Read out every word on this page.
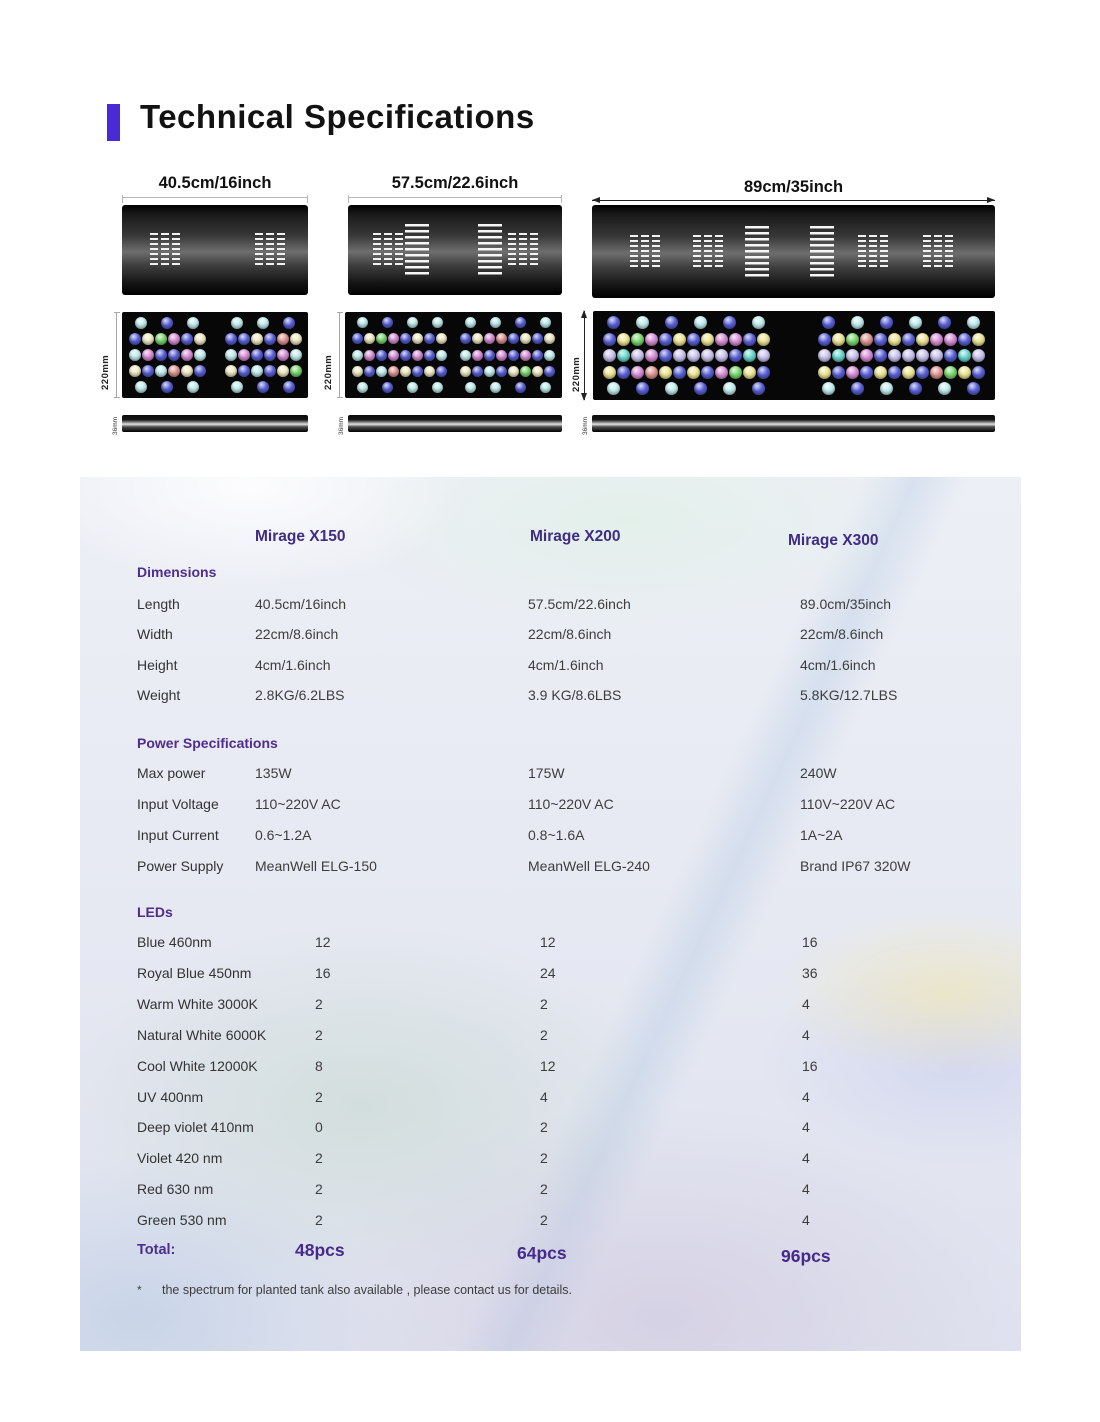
Technical Specifications
40.5cm/16inch
220mm
36mm
57.5cm/22.6inch
220mm
36mm
89cm/35inch
220mm
36mm
Mirage X150	Mirage X200	Mirage X300
Dimensions
Length	40.5cm/16inch	57.5cm/22.6inch	89.0cm/35inch
Width	22cm/8.6inch	22cm/8.6inch	22cm/8.6inch
Height	4cm/1.6inch	4cm/1.6inch	4cm/1.6inch
Weight	2.8KG/6.2LBS	3.9 KG/8.6LBS	5.8KG/12.7LBS
Power Specifications
Max power	135W	175W	240W
Input Voltage	110~220V AC	110~220V AC	110V~220V AC
Input Current	0.6~1.2A	0.8~1.6A	1A~2A
Power Supply MeanWell ELG-150	MeanWell ELG-240	Brand IP67 320W
LEDs
Blue 460nm	12	12	16
Royal Blue 450nm	16	24	36
Warm White 3000K	2	2	4
Natural White 6000K	2	2	4
Cool White 12000K	8	12	16
UV 400nm	2	4	4
Deep violet 410nm	0	2	4
Violet 420 nm	2	2	4
Red 630 nm	2	2	4
Green 530 nm	2	2	4
Total:	48pcs	64pcs	96pcs
* the spectrum for planted tank also available , please contact us for details.
